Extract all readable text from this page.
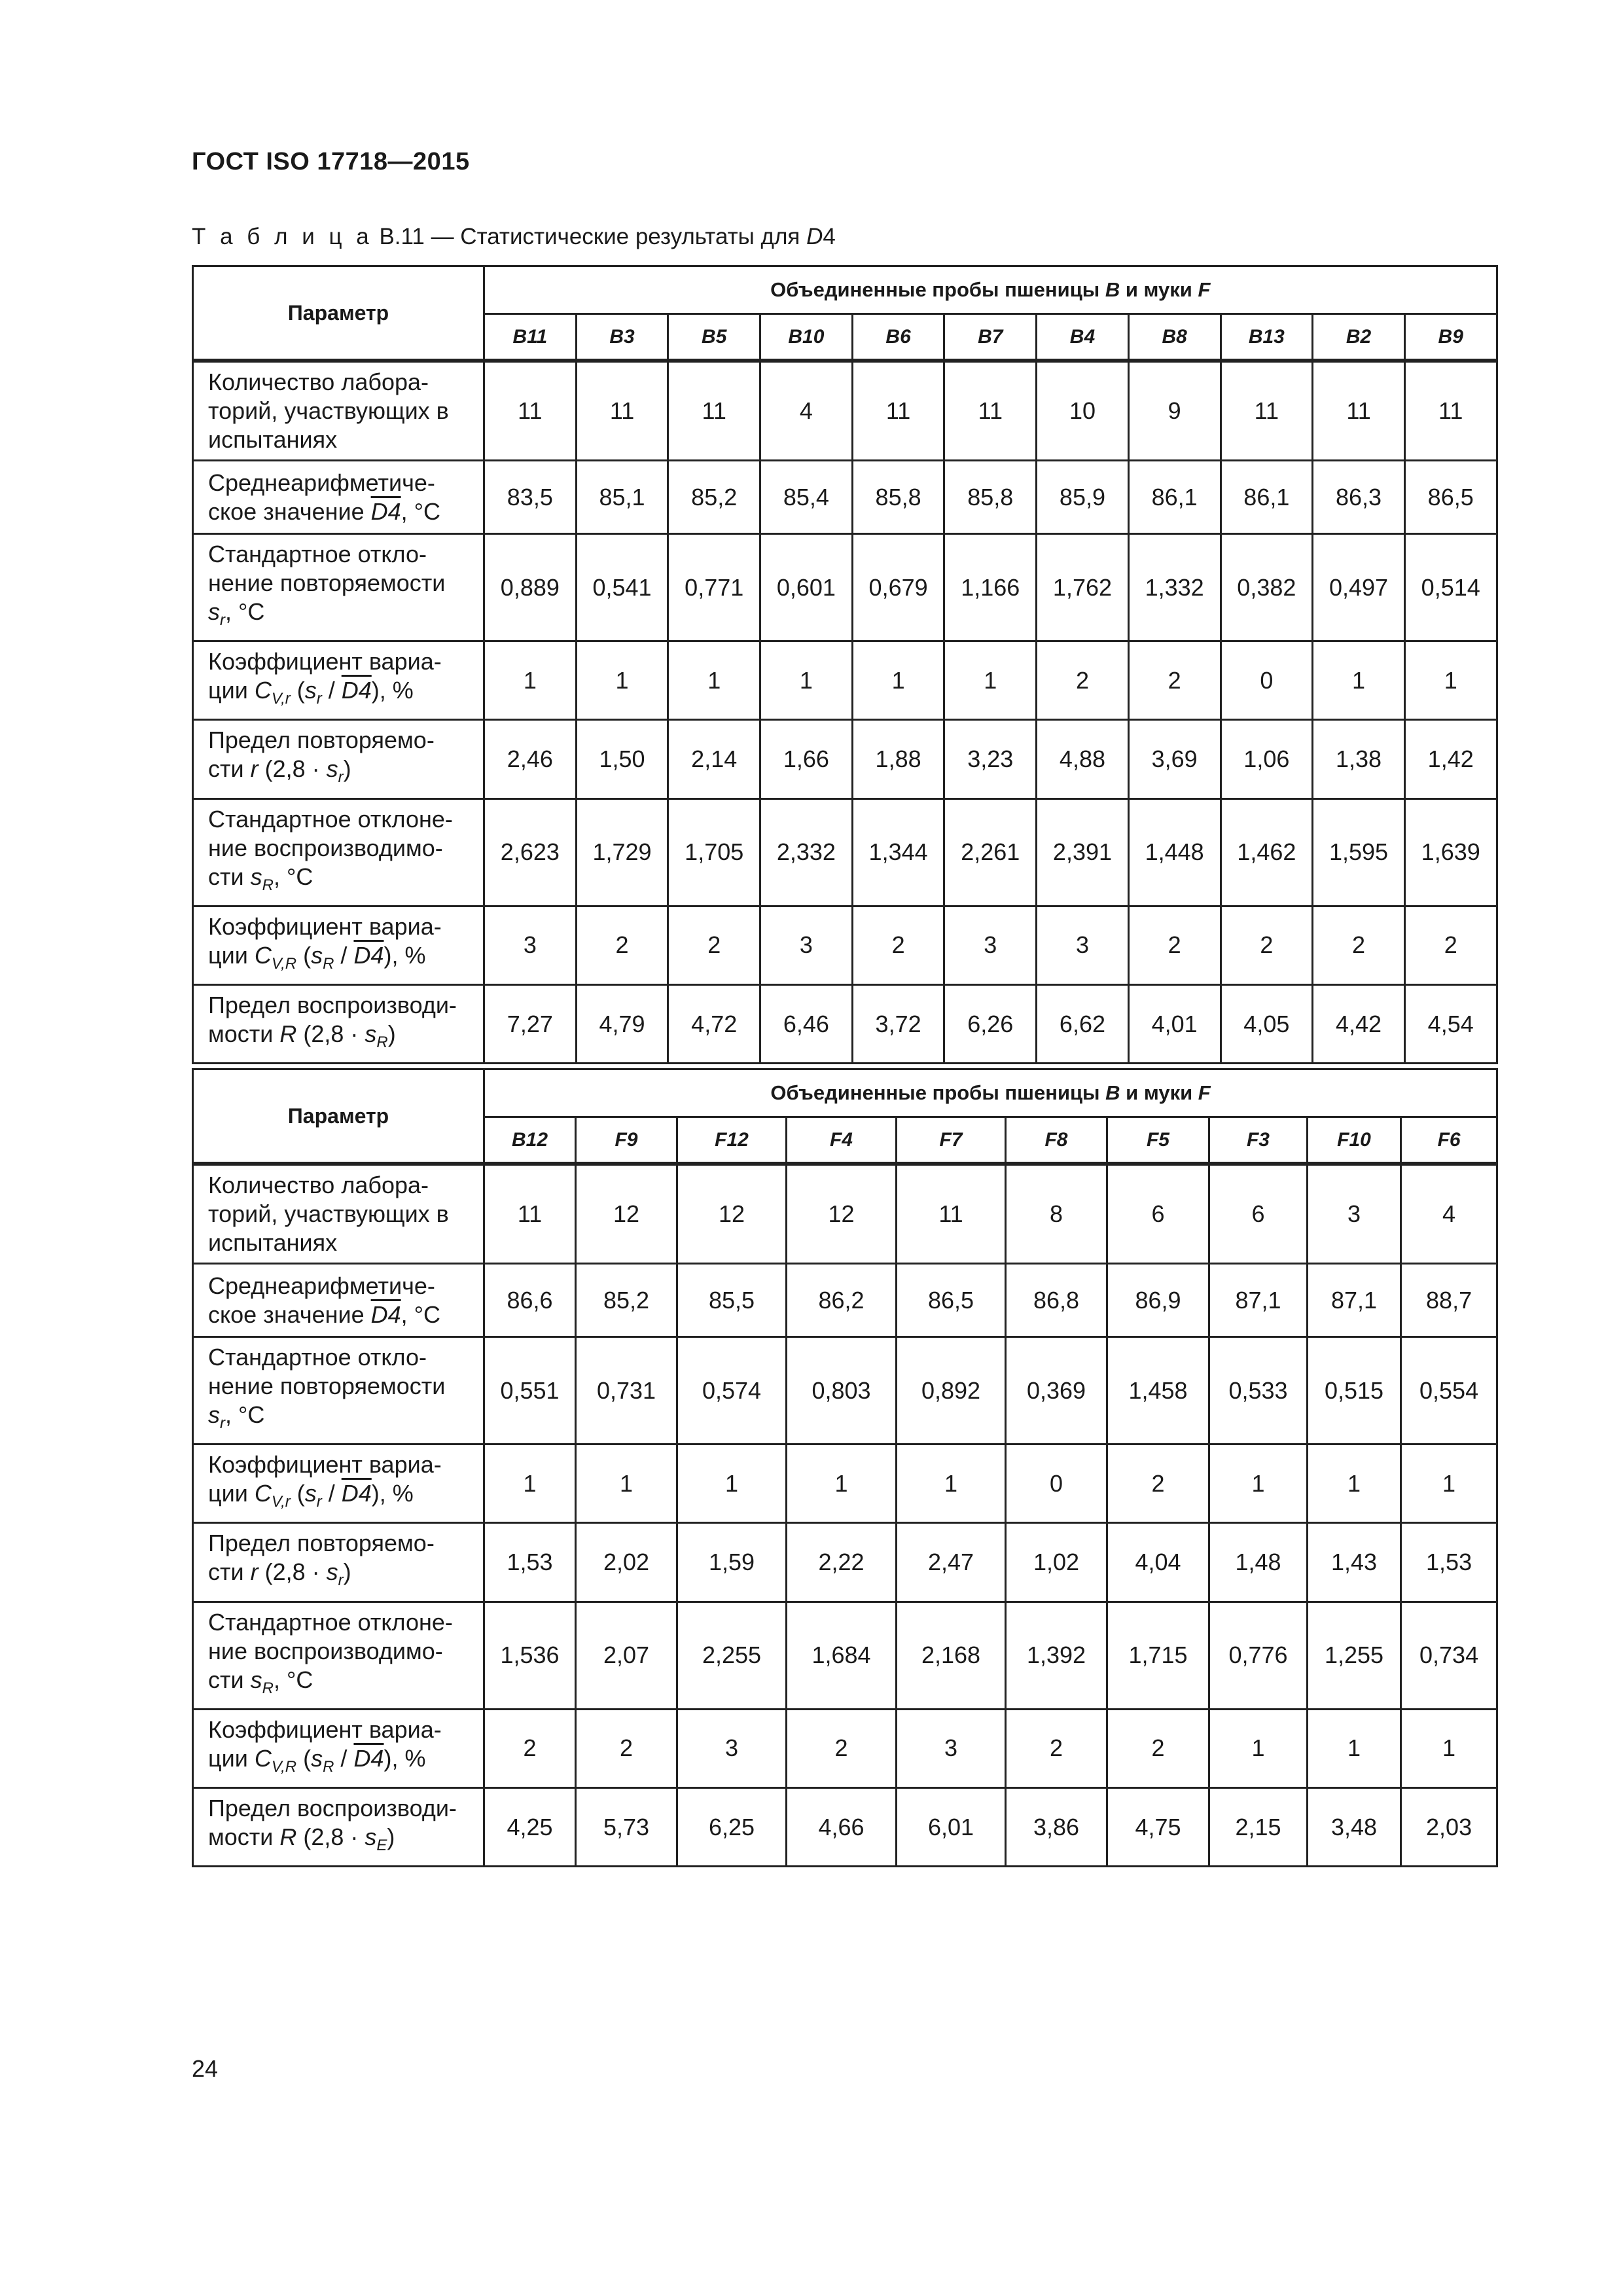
ГОСТ ISO 17718—2015
Т а б л и ц а В.11 — Статистические результаты для D4
Параметр	Объединенные пробы пшеницы B и муки F										
	B11	B3	B5	B10	B6	B7	B4	B8	B13	B2	B9
Количество лабора-
торий, участвующих в
испытаниях	11	11	11	4	11	11	10	9	11	11	11
Среднеарифметиче-
ское значение D4, °C	83,5	85,1	85,2	85,4	85,8	85,8	85,9	86,1	86,1	86,3	86,5
Стандартное откло-
нение повторяемости
$s_r$, °C	0,889	0,541	0,771	0,601	0,679	1,166	1,762	1,332	0,382	0,497	0,514
Коэффициент вариа-
ции $C_{V,r}$ $(s_r / D4)$, %	1	1	1	1	1	1	2	2	0	1	1
Предел повторяемо-
сти r $(2,8 \cdot s_r)$	2,46	1,50	2,14	1,66	1,88	3,23	4,88	3,69	1,06	1,38	1,42
Стандартное отклоне-
ние воспроизводимо-
сти $s_R$, °C	2,623	1,729	1,705	2,332	1,344	2,261	2,391	1,448	1,462	1,595	1,639
Коэффициент вариа-
ции $C_{V,R}$ $(s_R / D4)$, %	3	2	2	3	2	3	3	2	2	2	2
Предел воспроизводи-
мости R $(2,8 \cdot s_R)$	7,27	4,79	4,72	6,46	3,72	6,26	6,62	4,01	4,05	4,42	4,54
Параметр	Объединенные пробы пшеницы B и муки F									
	B12	F9	F12	F4	F7	F8	F5	F3	F10	F6
Количество лабора-
торий, участвующих в
испытаниях	11	12	12	12	11	8	6	6	3	4
Среднеарифметиче-
ское значение D4, °C	86,6	85,2	85,5	86,2	86,5	86,8	86,9	87,1	87,1	88,7
Стандартное откло-
нение повторяемости
$s_r$, °C	0,551	0,731	0,574	0,803	0,892	0,369	1,458	0,533	0,515	0,554
Коэффициент вариа-
ции $C_{V,r}$ $(s_r / D4)$, %	1	1	1	1	1	0	2	1	1	1
Предел повторяемо-
сти r $(2,8 \cdot s_r)$	1,53	2,02	1,59	2,22	2,47	1,02	4,04	1,48	1,43	1,53
Стандартное отклоне-
ние воспроизводимо-
сти $s_R$, °C	1,536	2,07	2,255	1,684	2,168	1,392	1,715	0,776	1,255	0,734
Коэффициент вариа-
ции $C_{V,R}$ $(s_R / D4)$, %	2	2	3	2	3	2	2	1	1	1
Предел воспроизводи-
мости R $(2,8 \cdot s_E)$	4,25	5,73	6,25	4,66	6,01	3,86	4,75	2,15	3,48	2,03
24
